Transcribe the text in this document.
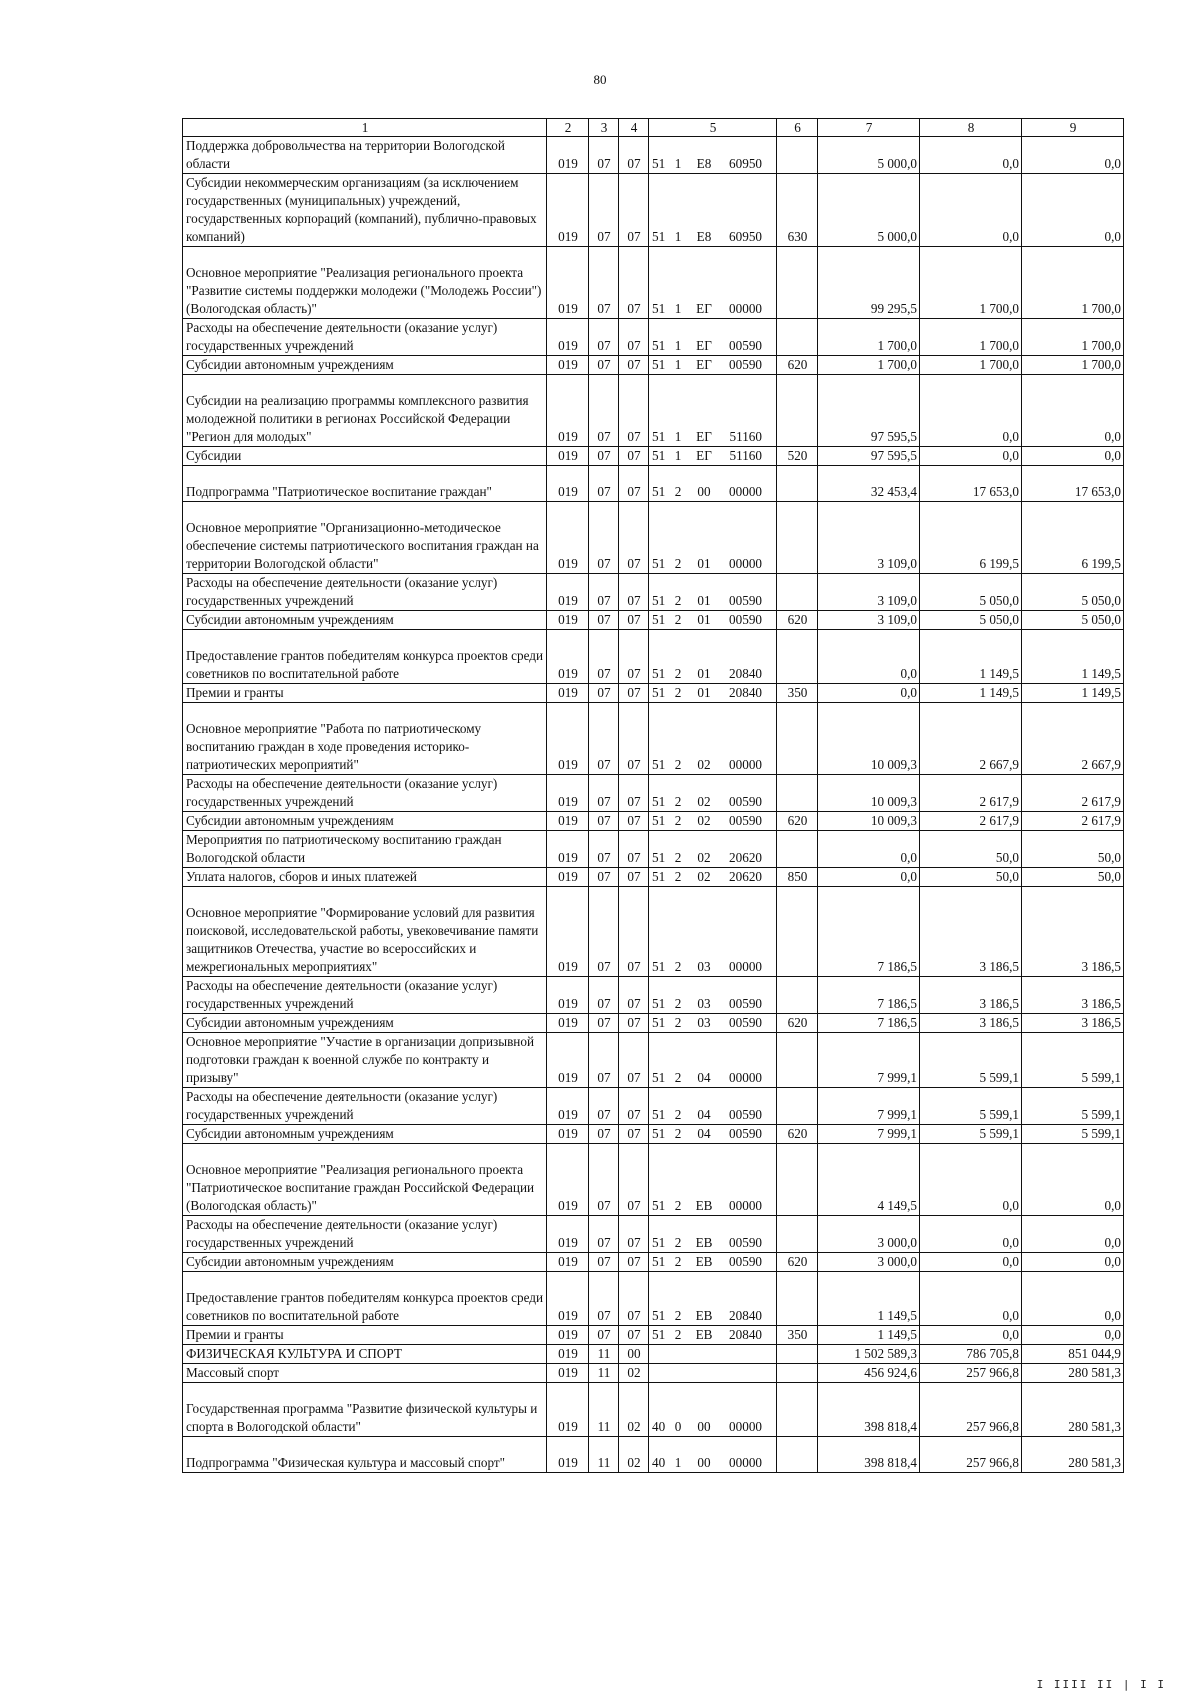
80
1	2	3	4	5	6	7	8	9
Поддержка добровольчества на территории Вологодской области	019	07	07	51 1 E8 60950		5 000,0	0,0	0,0
Субсидии некоммерческим организациям (за исключением государственных (муниципальных) учреждений, государственных корпораций (компаний), публично-правовых компаний)	019	07	07	51 1 E8 60950	630	5 000,0	0,0	0,0
Основное мероприятие "Реализация регионального проекта "Развитие системы поддержки молодежи ("Молодежь России") (Вологодская область)"	019	07	07	51 1 ЕГ 00000		99 295,5	1 700,0	1 700,0
Расходы на обеспечение деятельности (оказание услуг) государственных учреждений	019	07	07	51 1 ЕГ 00590		1 700,0	1 700,0	1 700,0
Субсидии автономным учреждениям	019	07	07	51 1 ЕГ 00590	620	1 700,0	1 700,0	1 700,0
Субсидии на реализацию программы комплексного развития молодежной политики в регионах Российской Федерации "Регион для молодых"	019	07	07	51 1 ЕГ 51160		97 595,5	0,0	0,0
Субсидии	019	07	07	51 1 ЕГ 51160	520	97 595,5	0,0	0,0
Подпрограмма "Патриотическое воспитание граждан"	019	07	07	51 2 00 00000		32 453,4	17 653,0	17 653,0
Основное мероприятие "Организационно-методическое обеспечение системы патриотического воспитания граждан на территории Вологодской области"	019	07	07	51 2 01 00000		3 109,0	6 199,5	6 199,5
Расходы на обеспечение деятельности (оказание услуг) государственных учреждений	019	07	07	51 2 01 00590		3 109,0	5 050,0	5 050,0
Субсидии автономным учреждениям	019	07	07	51 2 01 00590	620	3 109,0	5 050,0	5 050,0
Предоставление грантов победителям конкурса проектов среди советников по воспитательной работе	019	07	07	51 2 01 20840		0,0	1 149,5	1 149,5
Премии и гранты	019	07	07	51 2 01 20840	350	0,0	1 149,5	1 149,5
Основное мероприятие "Работа по патриотическому воспитанию граждан в ходе проведения историко-патриотических мероприятий"	019	07	07	51 2 02 00000		10 009,3	2 667,9	2 667,9
Расходы на обеспечение деятельности (оказание услуг) государственных учреждений	019	07	07	51 2 02 00590		10 009,3	2 617,9	2 617,9
Субсидии автономным учреждениям	019	07	07	51 2 02 00590	620	10 009,3	2 617,9	2 617,9
Мероприятия по патриотическому воспитанию граждан Вологодской области	019	07	07	51 2 02 20620		0,0	50,0	50,0
Уплата налогов, сборов и иных платежей	019	07	07	51 2 02 20620	850	0,0	50,0	50,0
Основное мероприятие "Формирование условий для развития поисковой, исследовательской работы, увековечивание памяти защитников Отечества, участие во всероссийских и межрегиональных мероприятиях"	019	07	07	51 2 03 00000		7 186,5	3 186,5	3 186,5
Расходы на обеспечение деятельности (оказание услуг) государственных учреждений	019	07	07	51 2 03 00590		7 186,5	3 186,5	3 186,5
Субсидии автономным учреждениям	019	07	07	51 2 03 00590	620	7 186,5	3 186,5	3 186,5
Основное мероприятие "Участие в организации допризывной подготовки граждан к военной службе по контракту и призыву"	019	07	07	51 2 04 00000		7 999,1	5 599,1	5 599,1
Расходы на обеспечение деятельности (оказание услуг) государственных учреждений	019	07	07	51 2 04 00590		7 999,1	5 599,1	5 599,1
Субсидии автономным учреждениям	019	07	07	51 2 04 00590	620	7 999,1	5 599,1	5 599,1
Основное мероприятие "Реализация регионального проекта "Патриотическое воспитание граждан Российской Федерации (Вологодская область)"	019	07	07	51 2 EB 00000		4 149,5	0,0	0,0
Расходы на обеспечение деятельности (оказание услуг) государственных учреждений	019	07	07	51 2 EB 00590		3 000,0	0,0	0,0
Субсидии автономным учреждениям	019	07	07	51 2 EB 00590	620	3 000,0	0,0	0,0
Предоставление грантов победителям конкурса проектов среди советников по воспитательной работе	019	07	07	51 2 EB 20840		1 149,5	0,0	0,0
Премии и гранты	019	07	07	51 2 EB 20840	350	1 149,5	0,0	0,0
ФИЗИЧЕСКАЯ КУЛЬТУРА И СПОРТ	019	11	00			1 502 589,3	786 705,8	851 044,9
Массовый спорт	019	11	02			456 924,6	257 966,8	280 581,3
Государственная программа "Развитие физической культуры и спорта в Вологодской области"	019	11	02	40 0 00 00000		398 818,4	257 966,8	280 581,3
Подпрограмма "Физическая культура и массовый спорт"	019	11	02	40 1 00 00000		398 818,4	257 966,8	280 581,3
I IIII II | I I
